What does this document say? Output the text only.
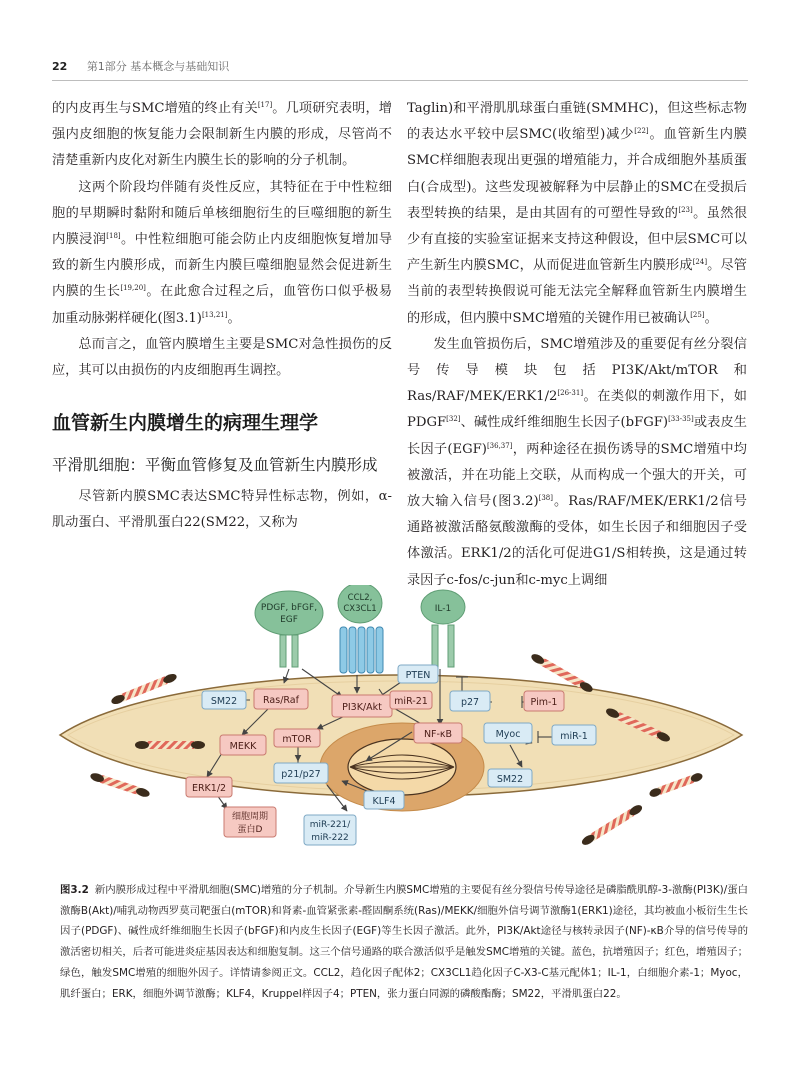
22 第1部分 基本概念与基础知识

的内皮再生与SMC增殖的终止有关[17]。几项研究表明，增强内皮细胞的恢复能力会限制新生内膜的形成，尽管尚不清楚重新内皮化对新生内膜生长的影响的分子机制。

这两个阶段均伴随有炎性反应，其特征在于中性粒细胞的早期瞬时黏附和随后单核细胞衍生的巨噬细胞的新生内膜浸润[18]。中性粒细胞可能会防止内皮细胞恢复增加导致的新生内膜形成，而新生内膜巨噬细胞显然会促进新生内膜的生长[19,20]。在此愈合过程之后，血管伤口似乎极易加重动脉粥样硬化(图3.1)[13,21]。

总而言之，血管内膜增生主要是SMC对急性损伤的反应，其可以由损伤的内皮细胞再生调控。

血管新生内膜增生的病理生理学
平滑肌细胞：平衡血管修复及血管新生内膜形成

尽管新内膜SMC表达SMC特异性标志物，例如，α-肌动蛋白、平滑肌蛋白22(SM22，又称为

Taglin)和平滑肌肌球蛋白重链(SMMHC)，但这些标志物的表达水平较中层SMC(收缩型)减少[22]。血管新生内膜SMC样细胞表现出更强的增殖能力，并合成细胞外基质蛋白(合成型)。这些发现被解释为中层静止的SMC在受损后表型转换的结果，是由其固有的可塑性导致的[23]。虽然很少有直接的实验室证据来支持这种假设，但中层SMC可以产生新生内膜SMC，从而促进血管新生内膜形成[24]。尽管当前的表型转换假说可能无法完全解释血管新生内膜增生的形成，但内膜中SMC增殖的关键作用已被确认[25]。

发生血管损伤后，SMC增殖涉及的重要促有丝分裂信号传导模块包括PI3K/Akt/mTOR和Ras/RAF/MEK/ERK1/2[26-31]。在类似的刺激作用下，如PDGF[32]、碱性成纤维细胞生长因子(bFGF)[33-35]或表皮生长因子(EGF)[36,37]，两种途径在损伤诱导的SMC增殖中均被激活，并在功能上交联，从而构成一个强大的开关，可放大输入信号(图3.2)[38]。Ras/RAF/MEK/ERK1/2信号通路被激活酪氨酸激酶的受体，如生长因子和细胞因子受体激活。ERK1/2的活化可促进G1/S相转换，这是通过转录因子c-fos/c-jun和c-myc上调细

PDGF, bFGF,
EGF
CCL2,
CX3CL1	IL-1
SM22	Ras/Raf
PI3K/Akt
PTEN
miR-21	p27	Pim-1
MEKK
mTOR	NF-κB	Myoc	miR-1
p21/p27	SM22
ERK1/2
细胞周期
蛋白D
KLF4
miR-221/
miR-222
图3.2 新内膜形成过程中平滑肌细胞(SMC)增殖的分子机制。介导新生内膜SMC增殖的主要促有丝分裂信号传导途径是磷脂酰肌醇-3-激酶(PI3K)/蛋白激酶B(Akt)/哺乳动物西罗莫司靶蛋白(mTOR)和肾素-血管紧张素-醛固酮系统(Ras)/MEKK/细胞外信号调节激酶1(ERK1)途径，其均被血小板衍生生长因子(PDGF)、碱性成纤维细胞生长因子(bFGF)和内皮生长因子(EGF)等生长因子激活。此外，PI3K/Akt途径与核转录因子(NF)-κB介导的信号传导的激活密切相关，后者可能进炎症基因表达和细胞复制。这三个信号通路的联合激活似乎是触发SMC增殖的关键。蓝色，抗增殖因子；红色，增殖因子；绿色，触发SMC增殖的细胞外因子。详情请参阅正文。CCL2，趋化因子配体2；CX3CL1趋化因子C-X3-C基元配体1；IL-1，白细胞介素-1；Myoc，肌纤蛋白；ERK，细胞外调节激酶；KLF4，Kruppel样因子4；PTEN，张力蛋白同源的磷酸酯酶；SM22，平滑肌蛋白22。
